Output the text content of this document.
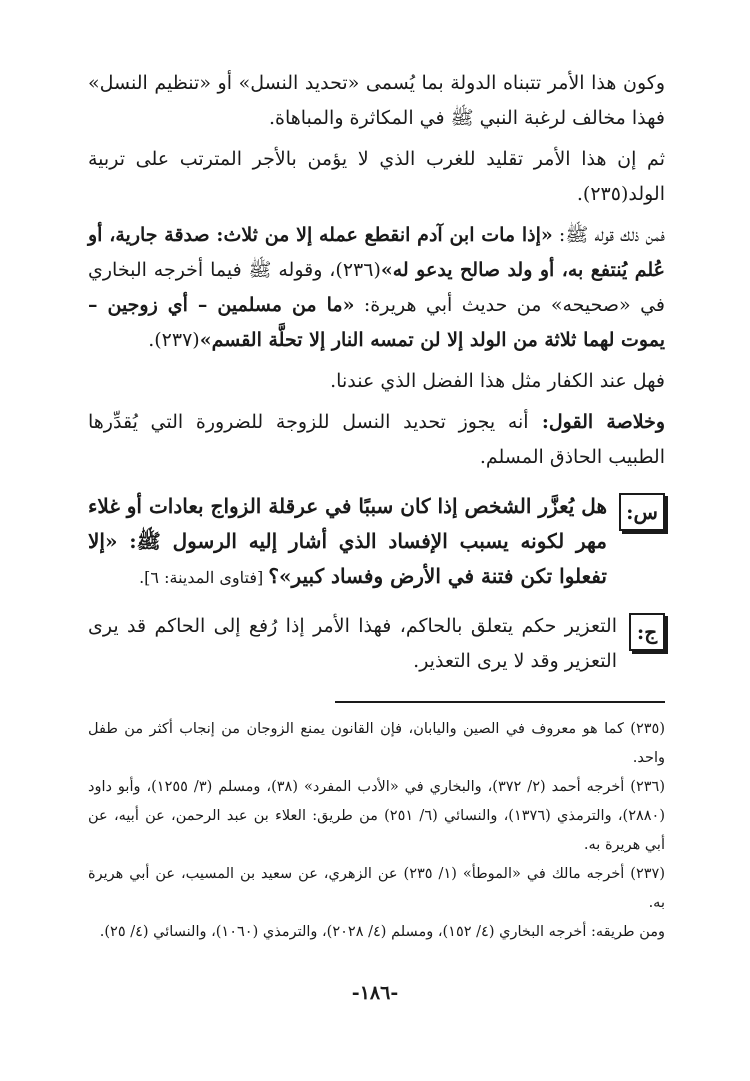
وكون هذا الأمر تتبناه الدولة بما يُسمى «تحديد النسل» أو «تنظيم النسل» فهذا مخالف لرغبة النبي ﷺ في المكاثرة والمباهاة.

ثم إن هذا الأمر تقليد للغرب الذي لا يؤمن بالأجر المترتب على تربية الولد(٢٣٥).

فمن ذلك قوله ﷺ: «إذا مات ابن آدم انقطع عمله إلا من ثلاث: صدقة جارية، أو عُلم يُنتفع به، أو ولد صالح يدعو له»(٢٣٦)، وقوله ﷺ فيما أخرجه البخاري في «صحيحه» من حديث أبي هريرة: «ما من مسلمين – أي زوجين – يموت لهما ثلاثة من الولد إلا لن تمسه النار إلا تحلَّة القسم»(٢٣٧).

فهل عند الكفار مثل هذا الفضل الذي عندنا.

وخلاصة القول: أنه يجوز تحديد النسل للزوجة للضرورة التي يُقدِّرها الطبيب الحاذق المسلم.

س:
هل يُعزَّر الشخص إذا كان سببًا في عرقلة الزواج بعادات أو غلاء مهر لكونه يسبب الإفساد الذي أشار إليه الرسول ﷺ: «إلا تفعلوا تكن فتنة في الأرض وفساد كبير»؟ [فتاوى المدينة: ٦].
ج:
التعزير حكم يتعلق بالحاكم، فهذا الأمر إذا رُفع إلى الحاكم قد يرى التعزير وقد لا يرى التعذير.

(٢٣٥) كما هو معروف في الصين واليابان، فإن القانون يمنع الزوجان من إنجاب أكثر من طفل واحد.

(٢٣٦) أخرجه أحمد (٢/ ٣٧٢)، والبخاري في «الأدب المفرد» (٣٨)، ومسلم (٣/ ١٢٥٥)، وأبو داود (٢٨٨٠)، والترمذي (١٣٧٦)، والنسائي (٦/ ٢٥١) من طريق: العلاء بن عبد الرحمن، عن أبيه، عن أبي هريرة به.

(٢٣٧) أخرجه مالك في «الموطأ» (١/ ٢٣٥) عن الزهري، عن سعيد بن المسيب، عن أبي هريرة به.

ومن طريقه: أخرجه البخاري (٤/ ١٥٢)، ومسلم (٤/ ٢٠٢٨)، والترمذي (١٠٦٠)، والنسائي (٤/ ٢٥).

-١٨٦-
